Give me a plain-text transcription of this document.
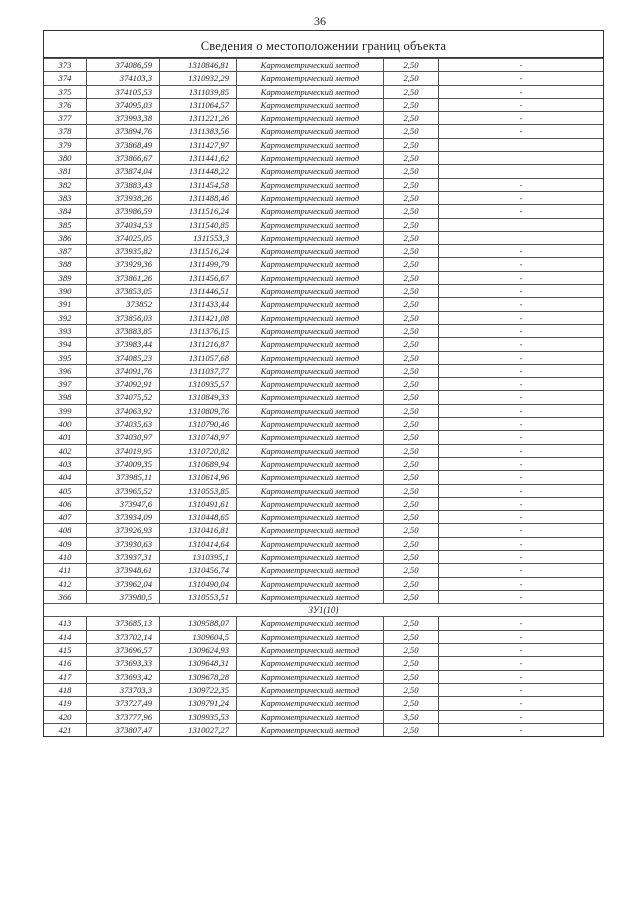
36
Сведения о местоположении границ объекта
373	374086,59	1310846,81	Картометрический метод	2,50	-
374	374103,3	1310932,29	Картометрический метод	2,50	-
375	374105,53	1311039,85	Картометрический метод	2,50	-
376	374095,03	1311064,57	Картометрический метод	2,50	-
377	373993,38	1311221,26	Картометрический метод	2,50	-
378	373894,76	1311383,56	Картометрический метод	2,50	-
379	373868,49	1311427,97	Картометрический метод	2,50	
380	373866,67	1311441,62	Картометрический метод	2,50	
381	373874,04	1311448,22	Картометрический метод	2,50	
382	373883,43	1311454,58	Картометрический метод	2,50	-
383	373938,26	1311488,46	Картометрический метод	2,50	-
384	373986,59	1311516,24	Картометрический метод	2,50	-
385	374034,53	1311540,85	Картометрический метод	2,50	
386	374025,05	1311553,3	Картометрический метод	2,50	
387	373935,82	1311516,24	Картометрический метод	2,50	-
388	373929,36	1311499,79	Картометрический метод	2,50	-
389	373861,26	1311456,67	Картометрический метод	2,50	-
390	373853,05	1311446,51	Картометрический метод	2,50	-
391	373852	1311433,44	Картометрический метод	2,50	-
392	373856,03	1311421,08	Картометрический метод	2,50	-
393	373883,85	1311376,15	Картометрический метод	2,50	-
394	373983,44	1311216,87	Картометрический метод	2,50	-
395	374085,23	1311057,68	Картометрический метод	2,50	-
396	374091,76	1311037,77	Картометрический метод	2,50	-
397	374092,91	1310935,57	Картометрический метод	2,50	-
398	374075,52	1310849,33	Картометрический метод	2,50	-
399	374063,92	1310809,76	Картометрический метод	2,50	-
400	374035,63	1310790,46	Картометрический метод	2,50	-
401	374030,97	1310748,97	Картометрический метод	2,50	-
402	374019,95	1310720,82	Картометрический метод	2,50	-
403	374009,35	1310689,94	Картометрический метод	2,50	-
404	373985,11	1310614,96	Картометрический метод	2,50	-
405	373965,52	1310553,85	Картометрический метод	2,50	-
406	373947,6	1310491,61	Картометрический метод	2,50	-
407	373934,09	1310448,65	Картометрический метод	2,50	-
408	373926,93	1310416,81	Картометрический метод	2,50	-
409	373930,63	1310414,64	Картометрический метод	2,50	-
410	373937,31	1310395,1	Картометрический метод	2,50	-
411	373948,61	1310456,74	Картометрический метод	2,50	-
412	373962,04	1310490,04	Картометрический метод	2,50	-
366	373980,5	1310553,51	Картометрический метод	2,50	-
ЗУ1(10)					
413	373685,13	1309588,07	Картометрический метод	2,50	-
414	373702,14	1309604,5	Картометрический метод	2,50	-
415	373696,57	1309624,93	Картометрический метод	2,50	-
416	373693,33	1309648,31	Картометрический метод	2,50	-
417	373693,42	1309678,28	Картометрический метод	2,50	-
418	373703,3	1309722,35	Картометрический метод	2,50	-
419	373727,49	1309791,24	Картометрический метод	2,50	-
420	373777,96	1309935,53	Картометрический метод	3,50	-
421	373807,47	1310027,27	Картометрический метод	2,50	-
